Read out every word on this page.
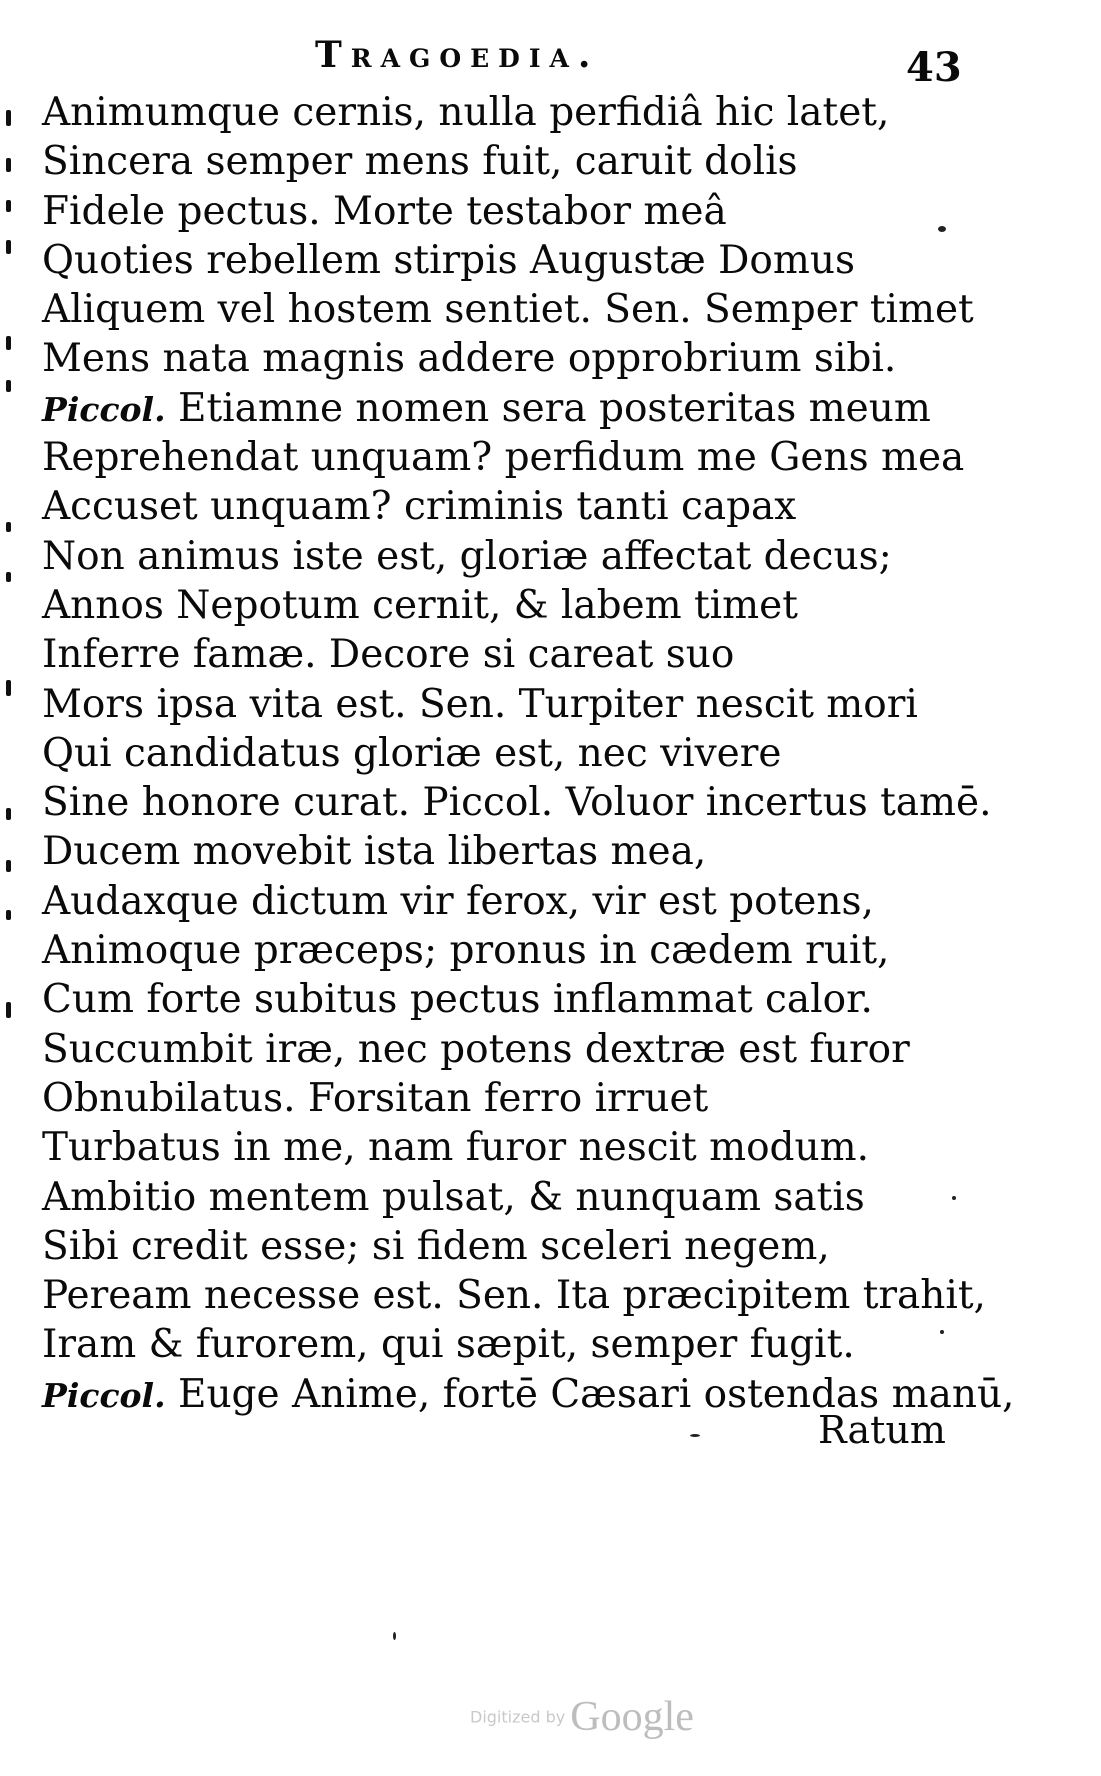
Tragoedia.	43
Animumque cernis, nulla perfidiâ hic latet,
Sincera semper mens fuit, caruit dolis
Fidele pectus. Morte testabor meâ
Quoties rebellem stirpis Augustæ Domus
Aliquem vel hostem sentiet. Sen. Semper timet
Mens nata magnis addere opprobrium sibi.
Piccol. Etiamne nomen sera posteritas meum
Reprehendat unquam? perfidum me Gens mea
Accuset unquam? criminis tanti capax
Non animus iste est, gloriæ affectat decus;
Annos Nepotum cernit, & labem timet
Inferre famæ. Decore si careat suo
Mors ipsa vita est. Sen. Turpiter nescit mori
Qui candidatus gloriæ est, nec vivere
Sine honore curat. Piccol. Voluor incertus tamē.
Ducem movebit ista libertas mea,
Audaxque dictum vir ferox, vir est potens,
Animoque præceps; pronus in cædem ruit,
Cum forte subitus pectus inflammat calor.
Succumbit iræ, nec potens dextræ est furor
Obnubilatus. Forsitan ferro irruet
Turbatus in me, nam furor nescit modum.
Ambitio mentem pulsat, & nunquam satis
Sibi credit esse; si fidem sceleri negem,
Peream necesse est. Sen. Ita præcipitem trahit,
Iram & furorem, qui sæpit, semper fugit.
Piccol. Euge Anime, fortē Cæsari ostendas manū,
Ratum
Digitized by Google
